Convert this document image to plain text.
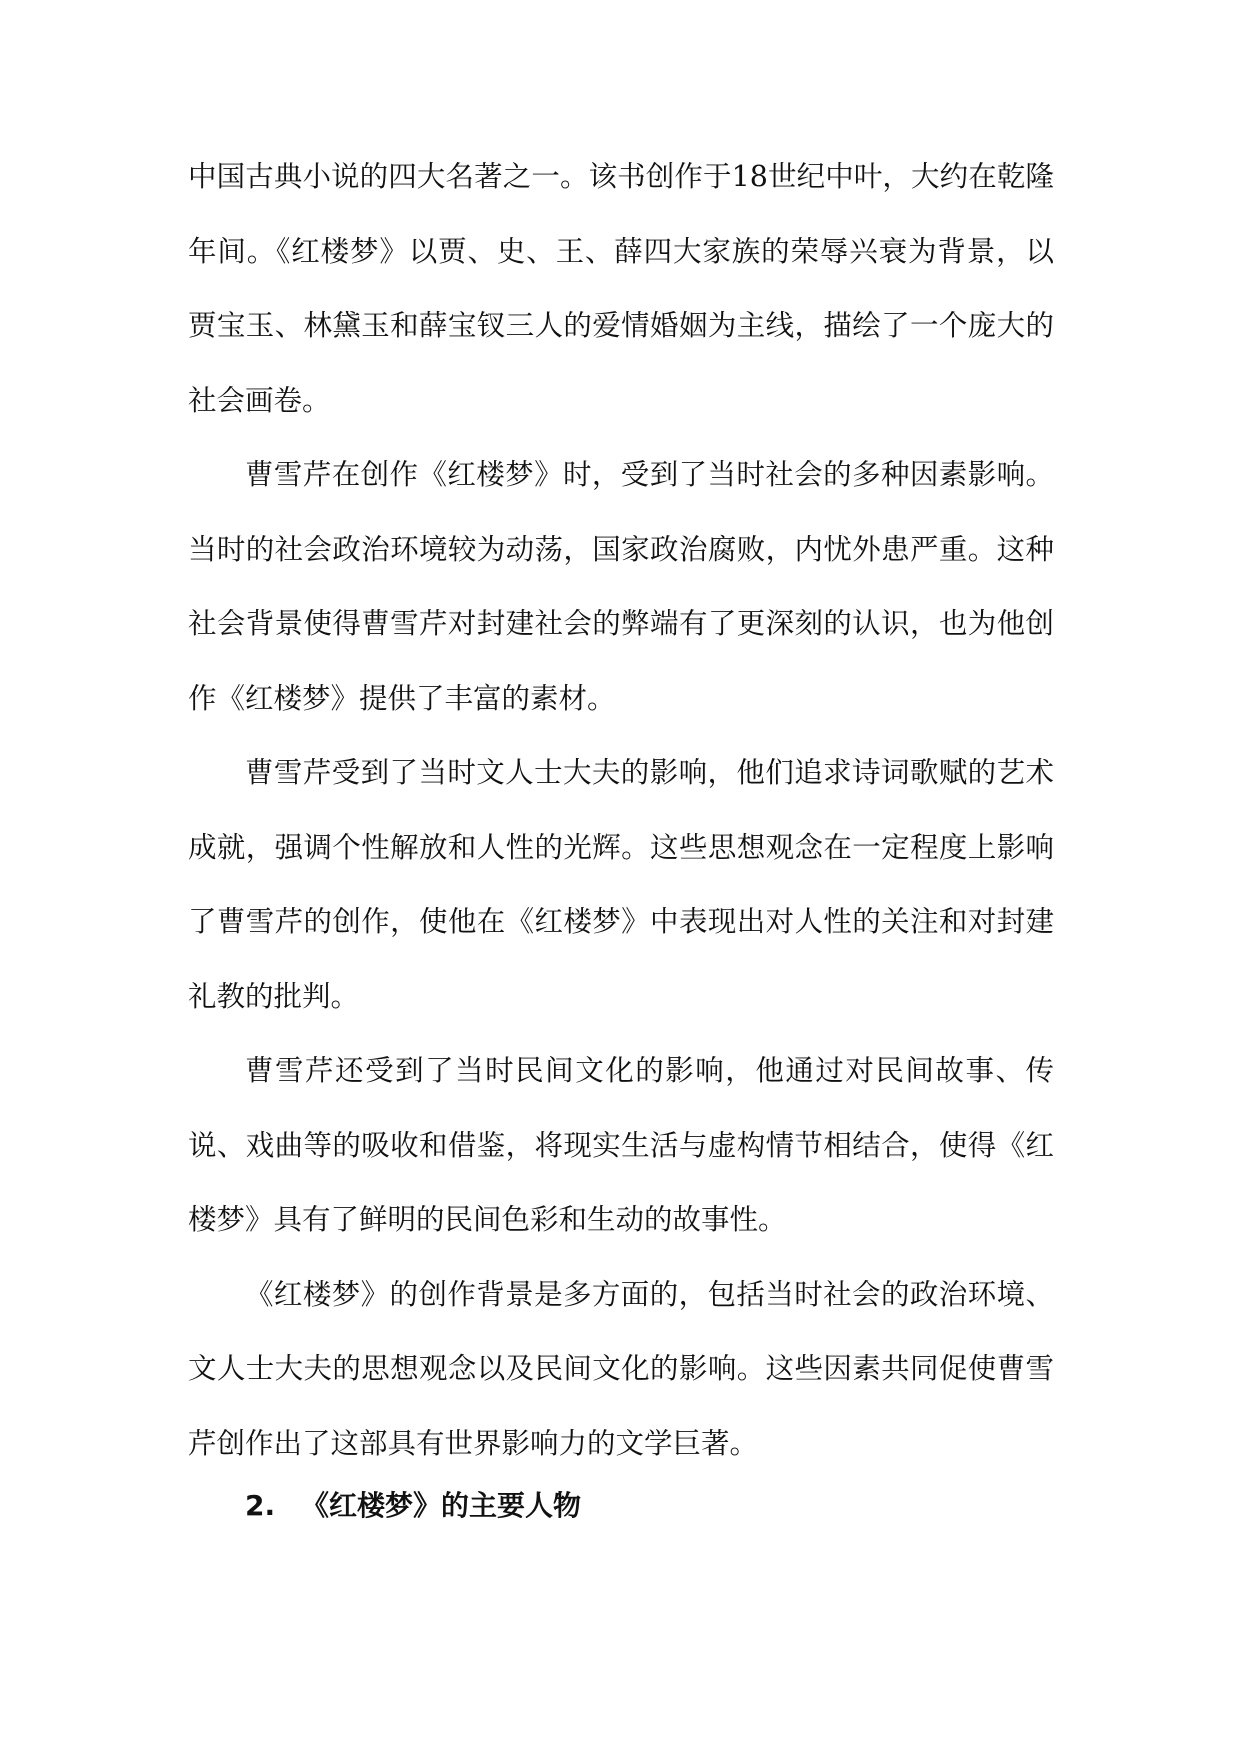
中国古典小说的四大名著之一。该书创作于18世纪中叶，大约在乾隆年间。《红楼梦》以贾、史、王、薛四大家族的荣辱兴衰为背景，以贾宝玉、林黛玉和薛宝钗三人的爱情婚姻为主线，描绘了一个庞大的社会画卷。

曹雪芹在创作《红楼梦》时，受到了当时社会的多种因素影响。当时的社会政治环境较为动荡，国家政治腐败，内忧外患严重。这种社会背景使得曹雪芹对封建社会的弊端有了更深刻的认识，也为他创作《红楼梦》提供了丰富的素材。

曹雪芹受到了当时文人士大夫的影响，他们追求诗词歌赋的艺术成就，强调个性解放和人性的光辉。这些思想观念在一定程度上影响了曹雪芹的创作，使他在《红楼梦》中表现出对人性的关注和对封建礼教的批判。

曹雪芹还受到了当时民间文化的影响，他通过对民间故事、传说、戏曲等的吸收和借鉴，将现实生活与虚构情节相结合，使得《红楼梦》具有了鲜明的民间色彩和生动的故事性。

《红楼梦》的创作背景是多方面的，包括当时社会的政治环境、文人士大夫的思想观念以及民间文化的影响。这些因素共同促使曹雪芹创作出了这部具有世界影响力的文学巨著。

2. 《红楼梦》的主要人物
